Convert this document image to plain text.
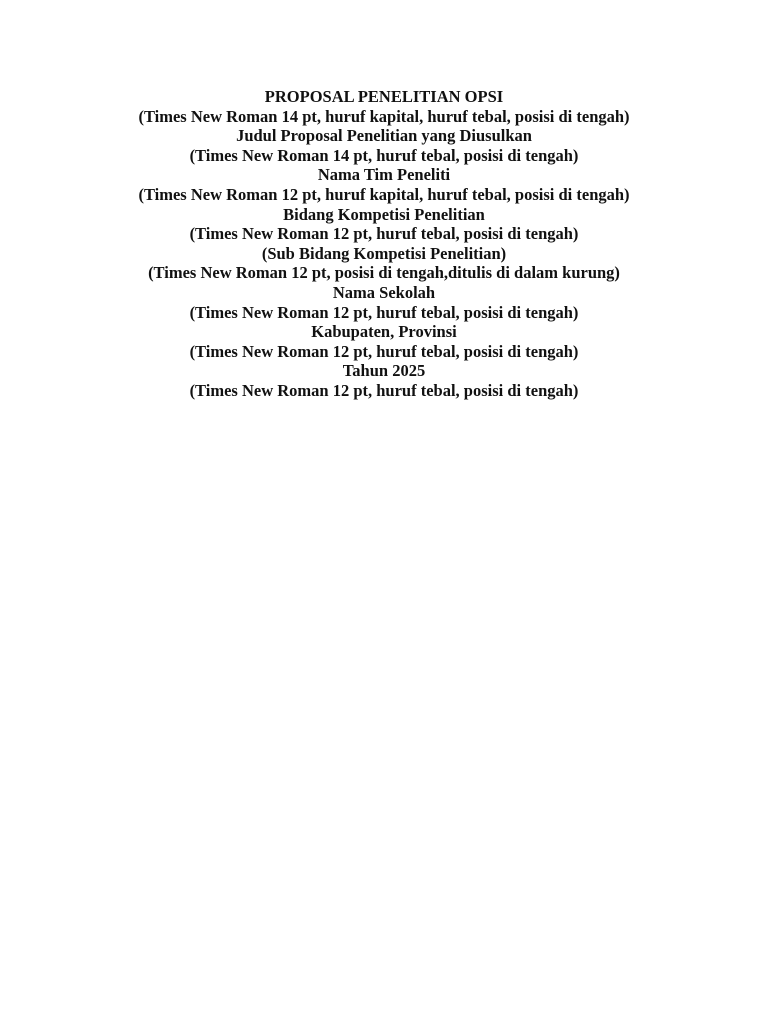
PROPOSAL PENELITIAN OPSI
(Times New Roman 14 pt, huruf kapital, huruf tebal, posisi di tengah)
Judul Proposal Penelitian yang Diusulkan
(Times New Roman 14 pt, huruf tebal, posisi di tengah)
Nama Tim Peneliti
(Times New Roman 12 pt, huruf kapital, huruf tebal, posisi di tengah)
Bidang Kompetisi Penelitian
(Times New Roman 12 pt, huruf tebal, posisi di tengah)
(Sub Bidang Kompetisi Penelitian)
(Times New Roman 12 pt, posisi di tengah,ditulis di dalam kurung)
Nama Sekolah
(Times New Roman 12 pt, huruf tebal, posisi di tengah)
Kabupaten, Provinsi
(Times New Roman 12 pt, huruf tebal, posisi di tengah)
Tahun 2025
(Times New Roman 12 pt, huruf tebal, posisi di tengah)
